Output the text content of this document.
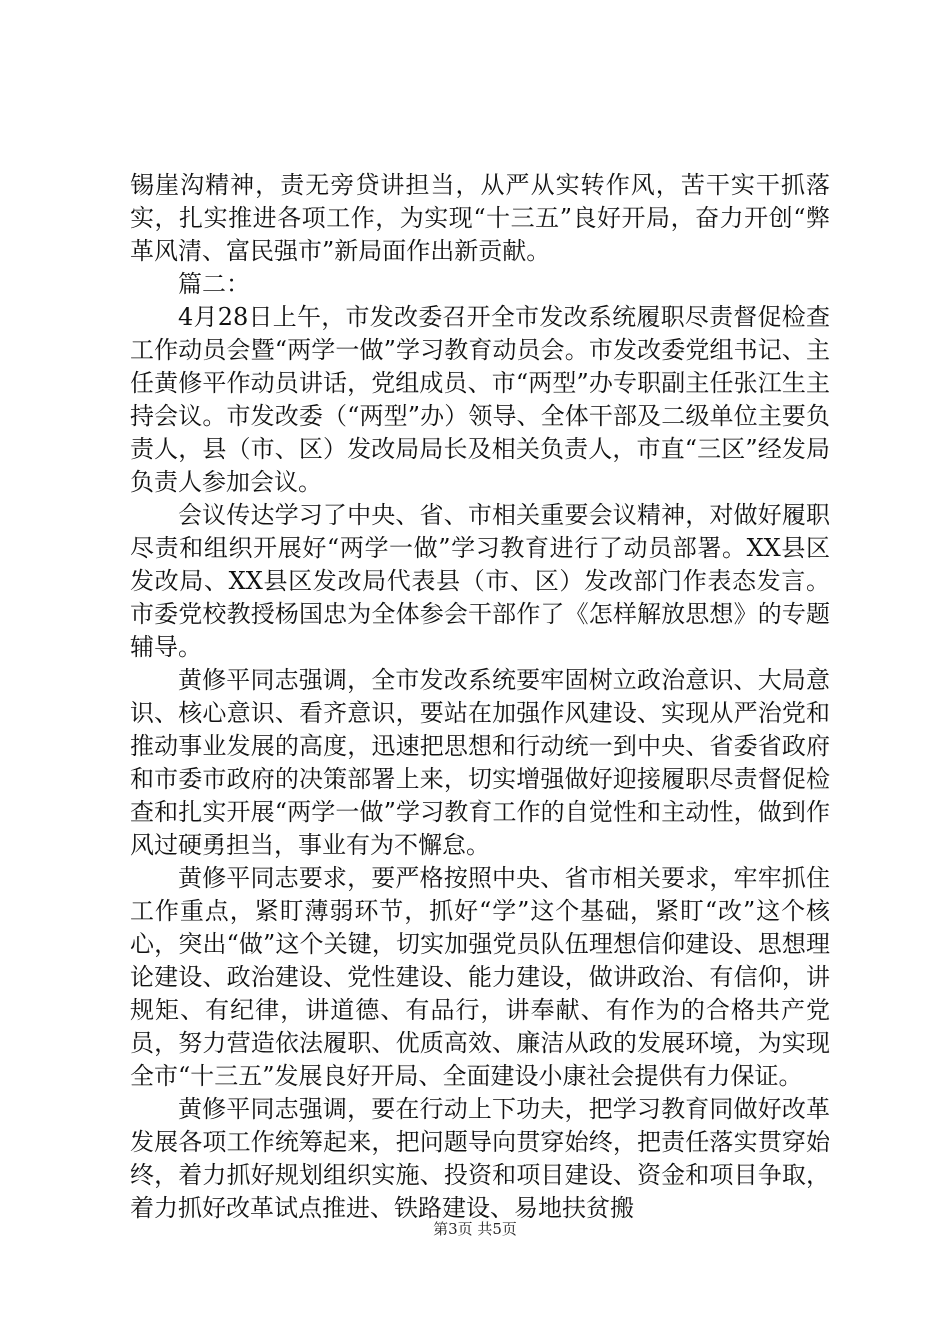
锡崖沟精神，责无旁贷讲担当，从严从实转作风，苦干实干抓落实，扎实推进各项工作，为实现“十三五”良好开局，奋力开创“弊革风清、富民强市”新局面作出新贡献。

篇二：

4月28日上午，市发改委召开全市发改系统履职尽责督促检查工作动员会暨“两学一做”学习教育动员会。市发改委党组书记、主任黄修平作动员讲话，党组成员、市“两型”办专职副主任张江生主持会议。市发改委（“两型”办）领导、全体干部及二级单位主要负责人，县（市、区）发改局局长及相关负责人，市直“三区”经发局负责人参加会议。

会议传达学习了中央、省、市相关重要会议精神，对做好履职尽责和组织开展好“两学一做”学习教育进行了动员部署。XX县区发改局、XX县区发改局代表县（市、区）发改部门作表态发言。市委党校教授杨国忠为全体参会干部作了《怎样解放思想》的专题辅导。

黄修平同志强调，全市发改系统要牢固树立政治意识、大局意识、核心意识、看齐意识，要站在加强作风建设、实现从严治党和推动事业发展的高度，迅速把思想和行动统一到中央、省委省政府和市委市政府的决策部署上来，切实增强做好迎接履职尽责督促检查和扎实开展“两学一做”学习教育工作的自觉性和主动性，做到作风过硬勇担当，事业有为不懈怠。

黄修平同志要求，要严格按照中央、省市相关要求，牢牢抓住工作重点，紧盯薄弱环节，抓好“学”这个基础，紧盯“改”这个核心，突出“做”这个关键，切实加强党员队伍理想信仰建设、思想理论建设、政治建设、党性建设、能力建设，做讲政治、有信仰，讲规矩、有纪律，讲道德、有品行，讲奉献、有作为的合格共产党员，努力营造依法履职、优质高效、廉洁从政的发展环境，为实现全市“十三五”发展良好开局、全面建设小康社会提供有力保证。

黄修平同志强调，要在行动上下功夫，把学习教育同做好改革发展各项工作统筹起来，把问题导向贯穿始终，把责任落实贯穿始终，着力抓好规划组织实施、投资和项目建设、资金和项目争取，着力抓好改革试点推进、铁路建设、易地扶贫搬

第3页 共5页
